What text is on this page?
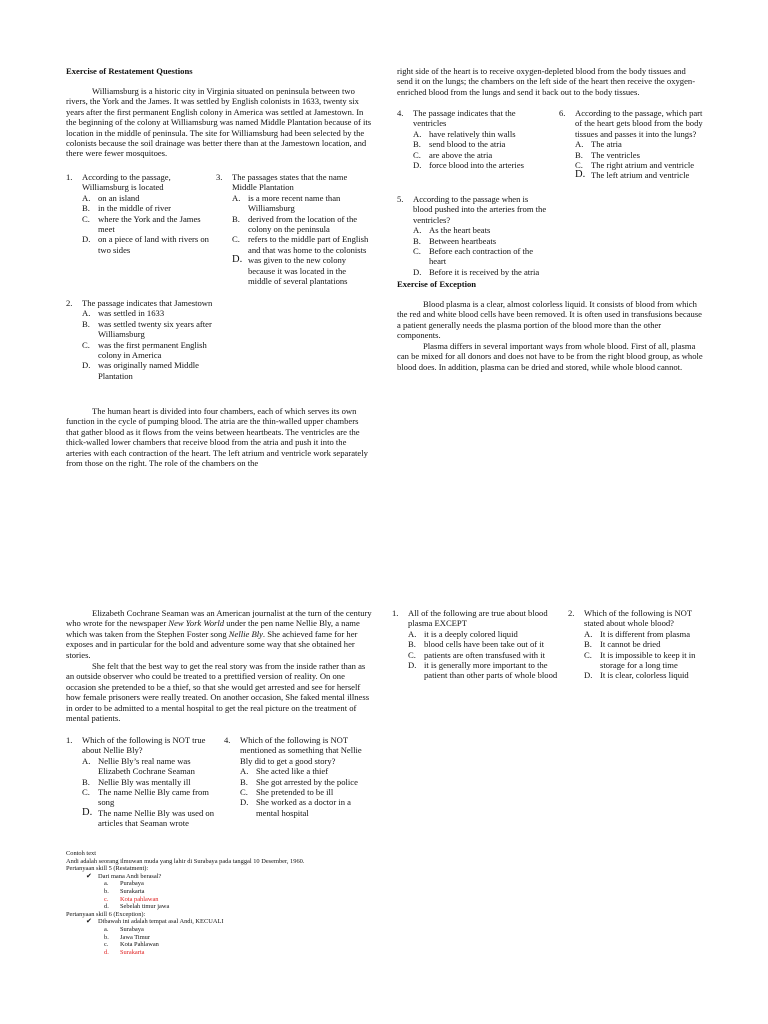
Exercise of Restatement Questions
Williamsburg is a historic city in Virginia situated on peninsula between two rivers, the York and the James. It was settled by English colonists in 1633, twenty six years after the first permanent English colony in America was settled at Jamestown. In the beginning of the colony at Williamsburg was named Middle Plantation because of its location in the middle of peninsula. The site for Williamsburg had been selected by the colonists because the soil drainage was better there than at the Jamestown location, and there were fewer mosquitoes.
1.	According to the passage, Williamsburg is located
A. on an island
B. in the middle of river
C. where the York and the James meet
D. on a piece of land with rivers on two sides
3.	The passages states that the name Middle Plantation
A. is a more recent name than Williamsburg
B. derived from the location of the colony on the peninsula
C. refers to the middle part of English and that was home to the colonists
D. was given to the new colony because it was located in the middle of several plantations
2.	The passage indicates that Jamestown
A. was settled in 1633
B. was settled twenty six years after Williamsburg
C. was the first permanent English colony in America
D. was originally named Middle Plantation
The human heart is divided into four chambers, each of which serves its own function in the cycle of pumping blood. The atria are the thin-walled upper chambers that gather blood as it flows from the veins between heartbeats. The ventricles are the thick-walled lower chambers that receive blood from the atria and push it into the arteries with each contraction of the heart. The left atrium and ventricle work separately from those on the right. The role of the chambers on the
right side of the heart is to receive oxygen-depleted blood from the body tissues and send it on the lungs; the chambers on the left side of the heart then receive the oxygen-enriched blood from the lungs and send it back out to the body tissues.
4.	The passage indicates that the ventricles
A. have relatively thin walls
B. send blood to the atria
C. are above the atria
D. force blood into the arteries
6.	According to the passage, which part of the heart gets blood from the body tissues and passes it into the lungs?
A. The atria
B. The ventricles
C. The right atrium and ventricle
D. The left atrium and ventricle
5.	According to the passage when is blood pushed into the arteries from the ventricles?
A. As the heart beats
B. Between heartbeats
C. Before each contraction of the heart
D. Before it is received by the atria
Exercise of Exception
Blood plasma is a clear, almost colorless liquid. It consists of blood from which the red and white blood cells have been removed. It is often used in transfusions because a patient generally needs the plasma portion of the blood more than the other components.
Plasma differs in several important ways from whole blood. First of all, plasma can be mixed for all donors and does not have to be from the right blood group, as whole blood does. In addition, plasma can be dried and stored, while whole blood cannot.
Elizabeth Cochrane Seaman was an American journalist at the turn of the century who wrote for the newspaper New York World under the pen name Nellie Bly, a name which was taken from the Stephen Foster song Nellie Bly. She achieved fame for her exposes and in particular for the bold and adventure some way that she obtained her stories.
She felt that the best way to get the real story was from the inside rather than as an outside observer who could be treated to a prettified version of reality. On one occasion she pretended to be a thief, so that she would get arrested and see for herself how female prisoners were really treated. On another occasion, She faked mental illness in order to be admitted to a mental hospital to get the real picture on the treatment of mental patients.
1.	Which of the following is NOT true about Nellie Bly?
A. Nellie Bly’s real name was Elizabeth Cochrane Seaman
B. Nellie Bly was mentally ill
C. The name Nellie Bly came from song
D. The name Nellie Bly was used on articles that Seaman wrote
4.	Which of the following is NOT mentioned as something that Nellie Bly did to get a good story?
A. She acted like a thief
B. She got arrested by the police
C. She pretended to be ill
D. She worked as a doctor in a mental hospital
1.	All of the following are true about blood plasma EXCEPT
A. it is a deeply colored liquid
B. blood cells have been take out of it
C. patients are often transfused with it
D. it is generally more important to the patient than other parts of whole blood
2.	Which of the following is NOT stated about whole blood?
A. It is different from plasma
B. It cannot be dried
C. It is impossible to keep it in storage for a long time
D. It is clear, colorless liquid
Contoh text
Andi adalah seorang ilmuwan muda yang lahir di Surabaya pada tanggal 10 Desember, 1960.
Pertanyaan skill 5 (Restatment):
✔ Dari mana Andi berasal?
a.	Purabaya
b.	Surakarta
c.	Kota pahlawan
d.	Sebelah timur jawa
Pertanyaan skill 6 (Exception):
✔ Dibawah ini adalah tempat asal Andi, KECUALI
a.	Surabaya
b.	Jawa Timur
c.	Kota Pahlawan
d.	Surakarta
